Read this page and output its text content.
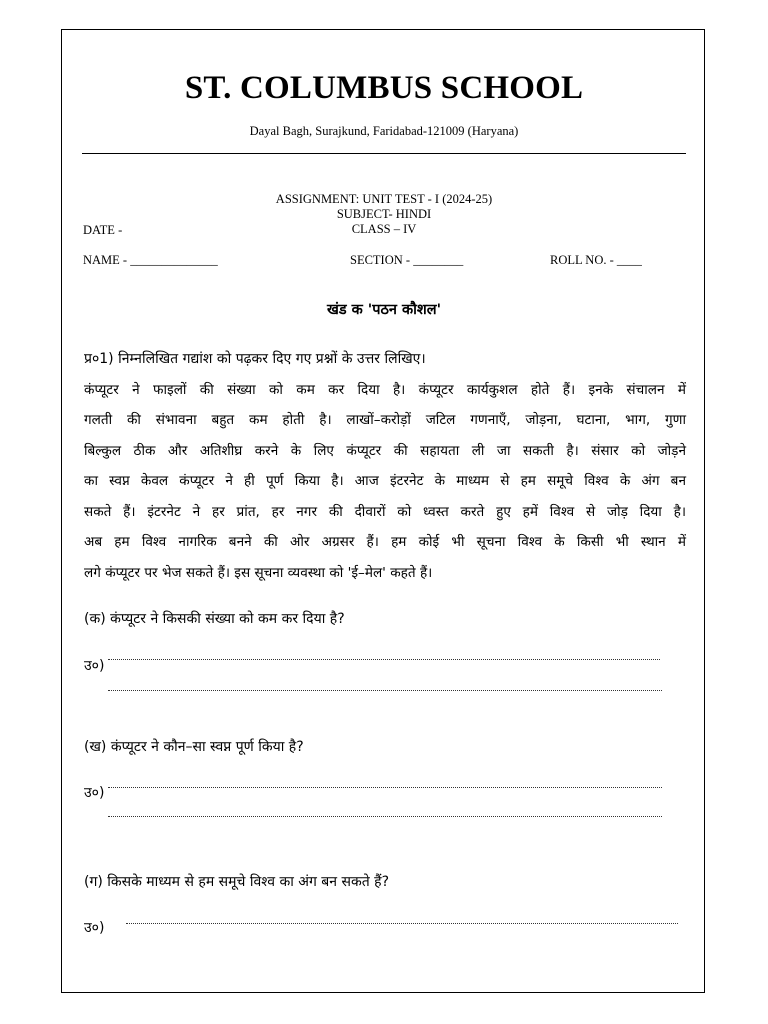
ST. COLUMBUS SCHOOL
Dayal Bagh, Surajkund, Faridabad-121009 (Haryana)
ASSIGNMENT: UNIT TEST - I (2024-25)
SUBJECT- HINDI
CLASS – IV
DATE -
NAME - ______________	SECTION - ________	ROLL NO. - ____
खंड क 'पठन कौशल'
प्र०1) निम्नलिखित गद्यांश को पढ़कर दिए गए प्रश्नों के उत्तर लिखिए।
कंप्यूटर ने फाइलों की संख्या को कम कर दिया है। कंप्यूटर कार्यकुशल होते हैं। इनके संचालन में
गलती की संभावना बहुत कम होती है। लाखों–करोड़ों जटिल गणनाएँ, जोड़ना, घटाना, भाग, गुणा
बिल्कुल ठीक और अतिशीघ्र करने के लिए कंप्यूटर की सहायता ली जा सकती है। संसार को जोड़ने
का स्वप्न केवल कंप्यूटर ने ही पूर्ण किया है। आज इंटरनेट के माध्यम से हम समूचे विश्व के अंग बन
सकते हैं। इंटरनेट ने हर प्रांत, हर नगर की दीवारों को ध्वस्त करते हुए हमें विश्व से जोड़ दिया है।
अब हम विश्व नागरिक बनने की ओर अग्रसर हैं। हम कोई भी सूचना विश्व के किसी भी स्थान में
लगे कंप्यूटर पर भेज सकते हैं। इस सूचना व्यवस्था को 'ई–मेल' कहते हैं।
(क) कंप्यूटर ने किसकी संख्या को कम कर दिया है?
उ०)
(ख) कंप्यूटर ने कौन–सा स्वप्न पूर्ण किया है?
उ०)
(ग) किसके माध्यम से हम समूचे विश्व का अंग बन सकते हैं?
उ०)
